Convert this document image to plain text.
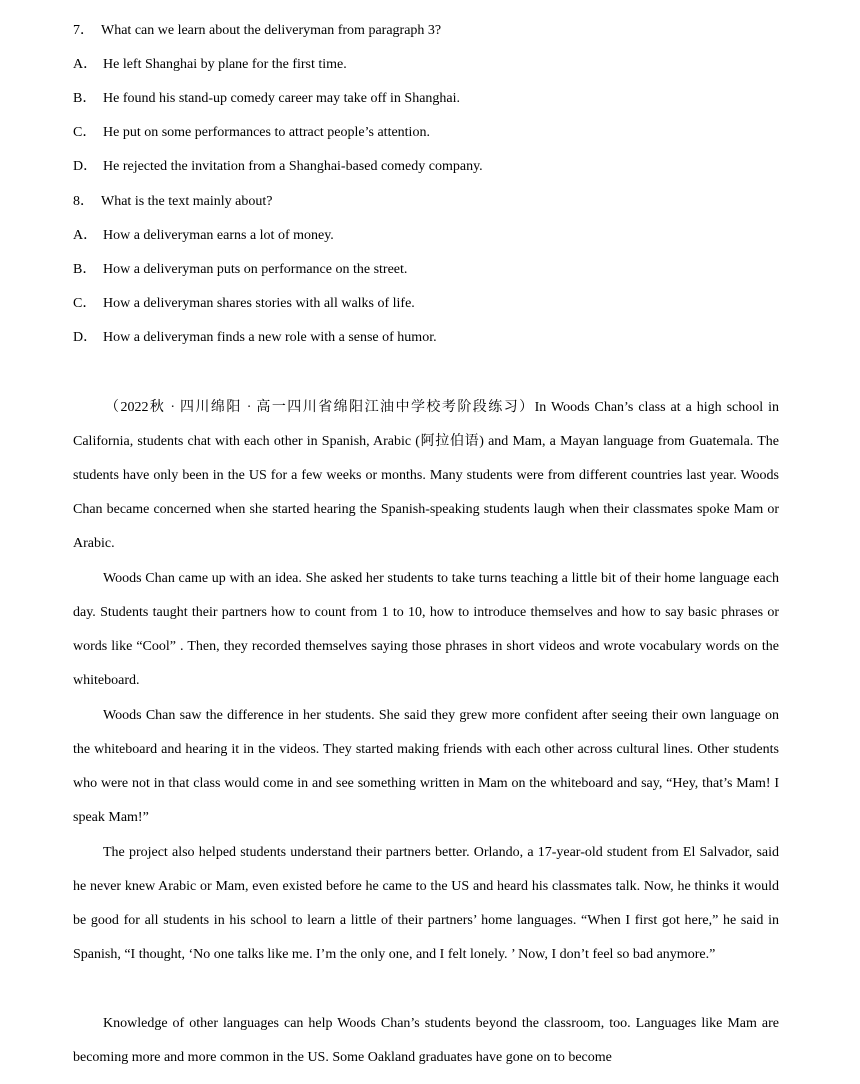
7． What can we learn about the deliveryman from paragraph 3?
A． He left Shanghai by plane for the first time.
B． He found his stand-up comedy career may take off in Shanghai.
C． He put on some performances to attract people’s attention.
D． He rejected the invitation from a Shanghai-based comedy company.
8． What is the text mainly about?
A． How a deliveryman earns a lot of money.
B． How a deliveryman puts on performance on the street.
C． How a deliveryman shares stories with all walks of life.
D． How a deliveryman finds a new role with a sense of humor.

（2022秋 · 四川绵阳 · 高一四川省绵阳江油中学校考阶段练习）In Woods Chan’s class at a high school in California, students chat with each other in Spanish, Arabic (阿拉伯语) and Mam, a Mayan language from Guatemala. The students have only been in the US for a few weeks or months. Many students were from different countries last year. Woods Chan became concerned when she started hearing the Spanish-speaking students laugh when their classmates spoke Mam or Arabic.

Woods Chan came up with an idea. She asked her students to take turns teaching a little bit of their home language each day. Students taught their partners how to count from 1 to 10, how to introduce themselves and how to say basic phrases or words like “Cool” . Then, they recorded themselves saying those phrases in short videos and wrote vocabulary words on the whiteboard.

Woods Chan saw the difference in her students. She said they grew more confident after seeing their own language on the whiteboard and hearing it in the videos. They started making friends with each other across cultural lines. Other students who were not in that class would come in and see something written in Mam on the whiteboard and say, “Hey, that’s Mam! I speak Mam!”

The project also helped students understand their partners better. Orlando, a 17-year-old student from El Salvador, said he never knew Arabic or Mam, even existed before he came to the US and heard his classmates talk. Now, he thinks it would be good for all students in his school to learn a little of their partners’ home languages. “When I first got here,” he said in Spanish, “I thought, ‘No one talks like me. I’m the only one, and I felt lonely. ’ Now, I don’t feel so bad anymore.”

Knowledge of other languages can help Woods Chan’s students beyond the classroom, too. Languages like Mam are becoming more and more common in the US. Some Oakland graduates have gone on to become
